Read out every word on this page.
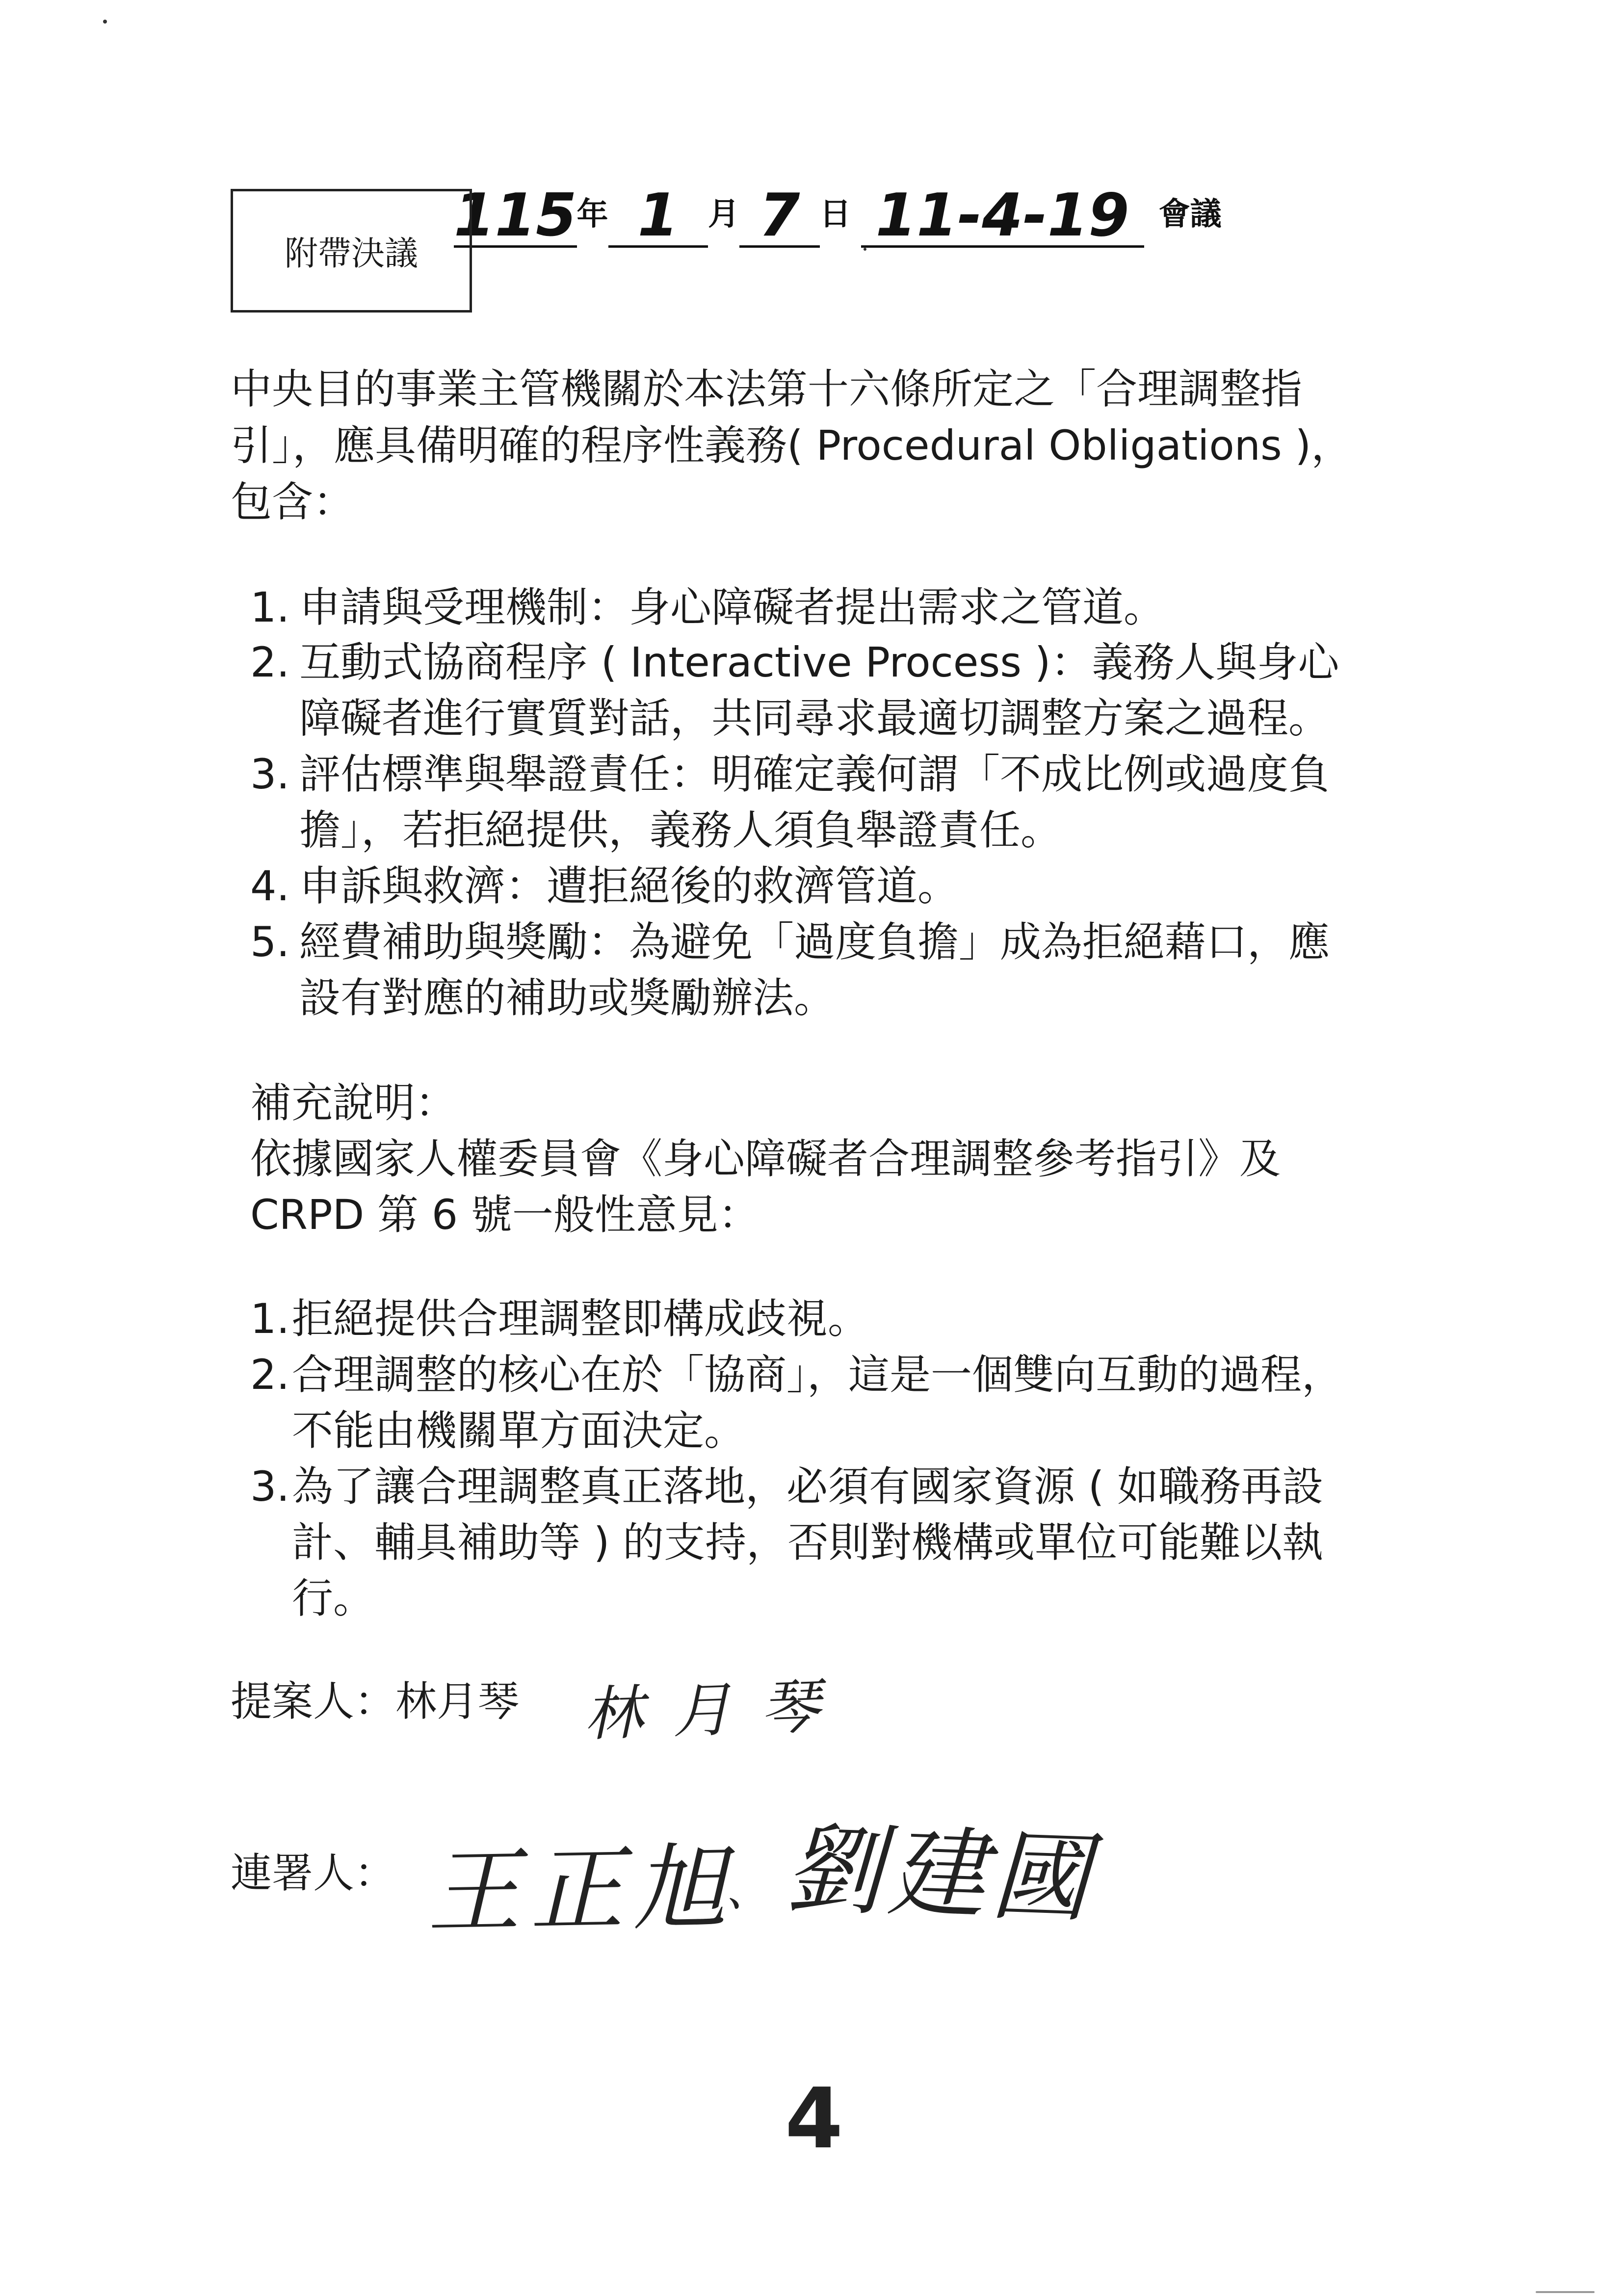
115 年 1 月 7 日 11-4-19 會議
附帶決議
中央目的事業主管機關於本法第十六條所定之「合理調整指
引」，應具備明確的程序性義務( Procedural Obligations )，
包含：
1. 申請與受理機制：身心障礙者提出需求之管道。
2. 互動式協商程序 ( Interactive Process )：義務人與身心
障礙者進行實質對話，共同尋求最適切調整方案之過程。
3. 評估標準與舉證責任：明確定義何謂「不成比例或過度負
擔」，若拒絕提供，義務人須負舉證責任。
4. 申訴與救濟：遭拒絕後的救濟管道。
5. 經費補助與獎勵：為避免「過度負擔」成為拒絕藉口，應
設有對應的補助或獎勵辦法。
補充說明：
依據國家人權委員會《身心障礙者合理調整參考指引》及
CRPD 第 6 號一般性意見：
1. 拒絕提供合理調整即構成歧視。
2. 合理調整的核心在於「協商」，這是一個雙向互動的過程，
不能由機關單方面決定。
3. 為了讓合理調整真正落地，必須有國家資源 ( 如職務再設
計、輔具補助等 ) 的支持，否則對機構或單位可能難以執
行。
提案人：林月琴 林月琴
連署人： 王正旭
、 劉建國
4
